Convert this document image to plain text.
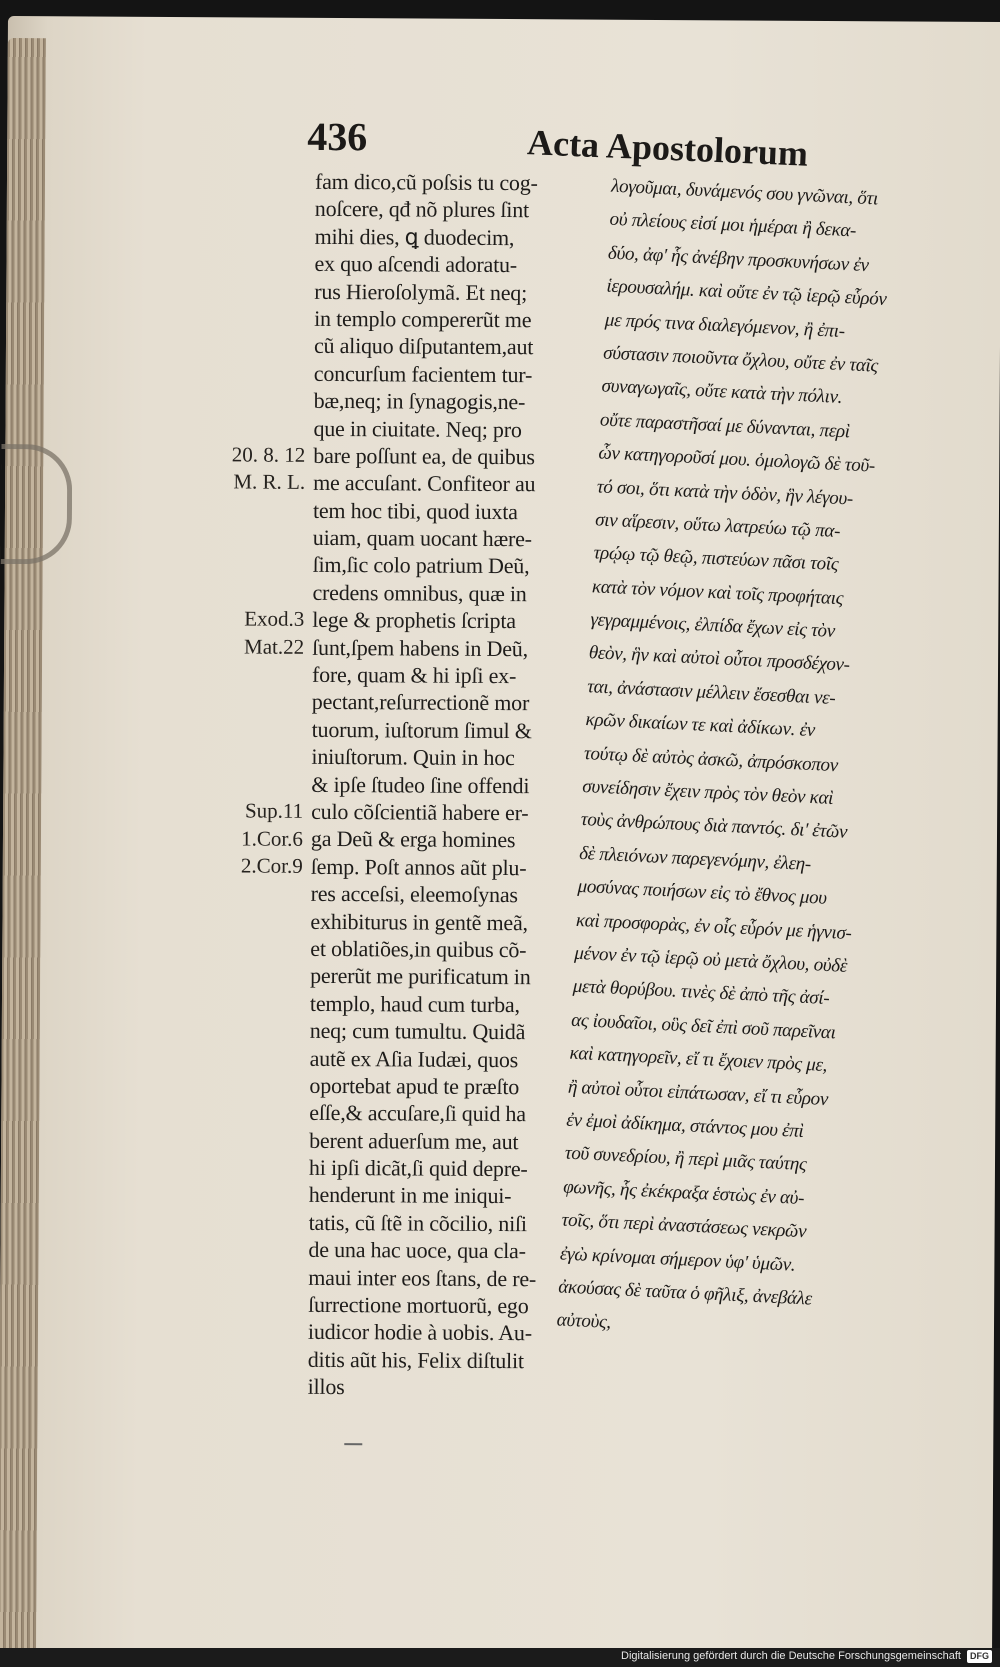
436	Acta Apostolorum
fam dico,cũ poſsis tu cog-
noſcere, qđ nõ plures ſint
mihi dies, ꝗ duodecim,
ex quo aſcendi adoratu-
rus Hieroſolymã. Et neq;
in templo compererũt me
cũ aliquo diſputantem,aut
concurſum facientem tur-
bæ,neq; in ſynagogis,ne-
que in ciuitate. Neq; pro
bare poſſunt ea, de quibus
me accuſant. Confiteor au
tem hoc tibi, quod iuxta
uiam, quam uocant hære-
ſim,ſic colo patrium Deũ,
credens omnibus, quæ in
lege & prophetis ſcripta
ſunt,ſpem habens in Deũ,
fore, quam & hi ipſi ex-
pectant,reſurrectionẽ mor
tuorum, iuſtorum ſimul &
iniuſtorum. Quin in hoc
& ipſe ſtudeo ſine offendi
culo cõſcientiã habere er-
ga Deũ & erga homines
ſemp. Poſt annos aũt plu-
res acceſsi, eleemoſynas
exhibiturus in gentẽ meã,
et oblatiões,in quibus cõ-
pererũt me purificatum in
templo, haud cum turba,
neq; cum tumultu. Quidã
autẽ ex Aſia Iudæi, quos
oportebat apud te præſto
eſſe,& accuſare,ſi quid ha
berent aduerſum me, aut
hi ipſi dicãt,ſi quid depre-
henderunt in me iniqui-
tatis, cũ ſtẽ in cõcilio, niſi
de una hac uoce, qua cla-
maui inter eos ſtans, de re-
ſurrectione mortuorũ, ego
iudicor hodie à uobis. Au-
ditis aũt his, Felix diſtulit
illos
20. 8. 12
M. R. L.
Exod.3
Mat.22
Sup.11
1.Cor.6
2.Cor.9
λογοῦμαι, δυνάμενός σου γνῶναι, ὅτι
οὐ πλείους εἰσί μοι ἡμέραι ἢ δεκα-
δύο, ἀφ' ἧς ἀνέβην προσκυνήσων ἐν
ἱερουσαλήμ. καὶ οὔτε ἐν τῷ ἱερῷ εὗρόν
με πρός τινα διαλεγόμενον, ἢ ἐπι-
σύστασιν ποιοῦντα ὄχλου, οὔτε ἐν ταῖς
συναγωγαῖς, οὔτε κατὰ τὴν πόλιν.
οὔτε παραστῆσαί με δύνανται, περὶ
ὧν κατηγοροῦσί μου. ὁμολογῶ δὲ τοῦ-
τό σοι, ὅτι κατὰ τὴν ὁδὸν, ἣν λέγου-
σιν αἵρεσιν, οὕτω λατρεύω τῷ πα-
τρῴῳ τῷ θεῷ, πιστεύων πᾶσι τοῖς
κατὰ τὸν νόμον καὶ τοῖς προφήταις
γεγραμμένοις, ἐλπίδα ἔχων εἰς τὸν
θεὸν, ἣν καὶ αὐτοὶ οὗτοι προσδέχον-
ται, ἀνάστασιν μέλλειν ἔσεσθαι νε-
κρῶν δικαίων τε καὶ ἀδίκων. ἐν
τούτῳ δὲ αὐτὸς ἀσκῶ, ἀπρόσκοπον
συνείδησιν ἔχειν πρὸς τὸν θεὸν καὶ
τοὺς ἀνθρώπους διὰ παντός. δι' ἐτῶν
δὲ πλειόνων παρεγενόμην, ἐλεη-
μοσύνας ποιήσων εἰς τὸ ἔθνος μου
καὶ προσφορὰς, ἐν οἷς εὗρόν με ἡγνισ-
μένον ἐν τῷ ἱερῷ οὐ μετὰ ὄχλου, οὐδὲ
μετὰ θορύβου. τινὲς δὲ ἀπὸ τῆς ἀσί-
ας ἰουδαῖοι, οὓς δεῖ ἐπὶ σοῦ παρεῖναι
καὶ κατηγορεῖν, εἴ τι ἔχοιεν πρὸς με,
ἢ αὐτοὶ οὗτοι εἰπάτωσαν, εἴ τι εὗρον
ἐν ἐμοὶ ἀδίκημα, στάντος μου ἐπὶ
τοῦ συνεδρίου, ἢ περὶ μιᾶς ταύτης
φωνῆς, ἧς ἐκέκραξα ἑστὼς ἐν αὐ-
τοῖς, ὅτι περὶ ἀναστάσεως νεκρῶν
ἐγὼ κρίνομαι σήμερον ὑφ' ὑμῶν.
ἀκούσας δὲ ταῦτα ὁ φῆλιξ, ἀνεβάλε
αὐτοὺς,
Digitalisierung gefördert durch die Deutsche Forschungsgemeinschaft	DFG
